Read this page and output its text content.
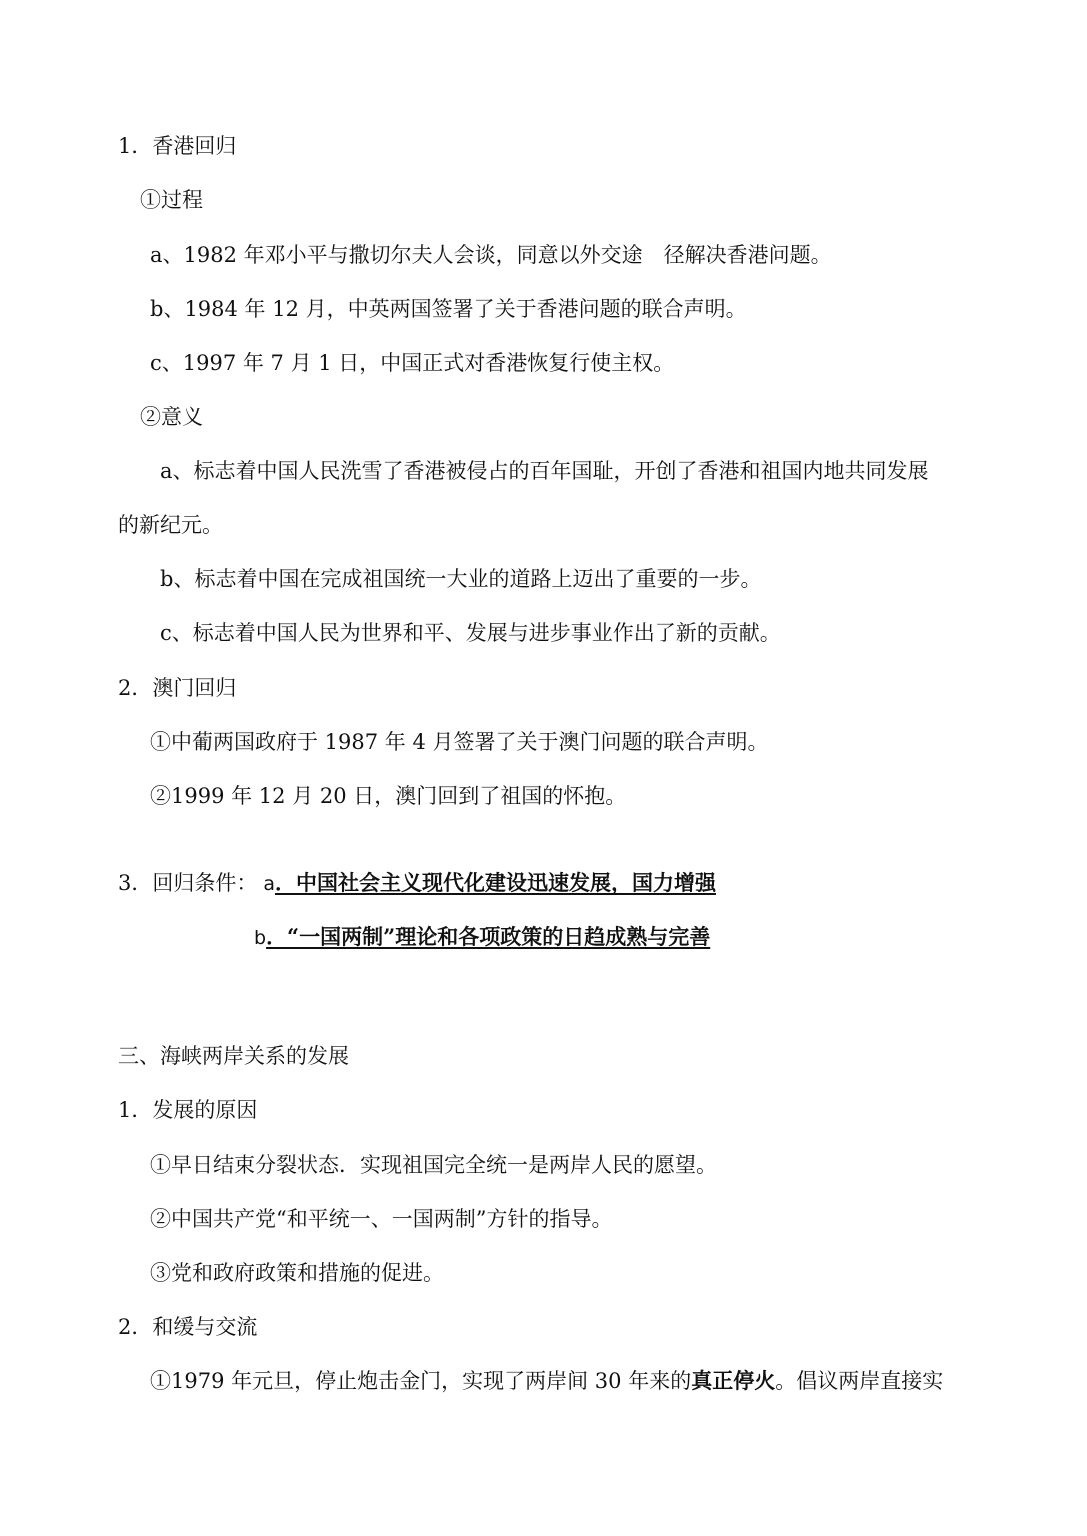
1．香港回归
①过程
a、1982 年邓小平与撒切尔夫人会谈，同意以外交途　径解决香港问题。
b、1984 年 12 月，中英两国签署了关于香港问题的联合声明。
c、1997 年 7 月 1 日，中国正式对香港恢复行使主权。
②意义
a、标志着中国人民洗雪了香港被侵占的百年国耻，开创了香港和祖国内地共同发展
的新纪元。
b、标志着中国在完成祖国统一大业的道路上迈出了重要的一步。
c、标志着中国人民为世界和平、发展与进步事业作出了新的贡献。
2．澳门回归
①中葡两国政府于 1987 年 4 月签署了关于澳门问题的联合声明。
②1999 年 12 月 20 日，澳门回到了祖国的怀抱。
3．回归条件： a．中国社会主义现代化建设迅速发展，国力增强
b．“一国两制”理论和各项政策的日趋成熟与完善
三、海峡两岸关系的发展
1．发展的原因
①早日结束分裂状态．实现祖国完全统一是两岸人民的愿望。
②中国共产党“和平统一、一国两制”方针的指导。
③党和政府政策和措施的促进。
2．和缓与交流
①1979 年元旦，停止炮击金门，实现了两岸间 30 年来的真正停火。倡议两岸直接实
